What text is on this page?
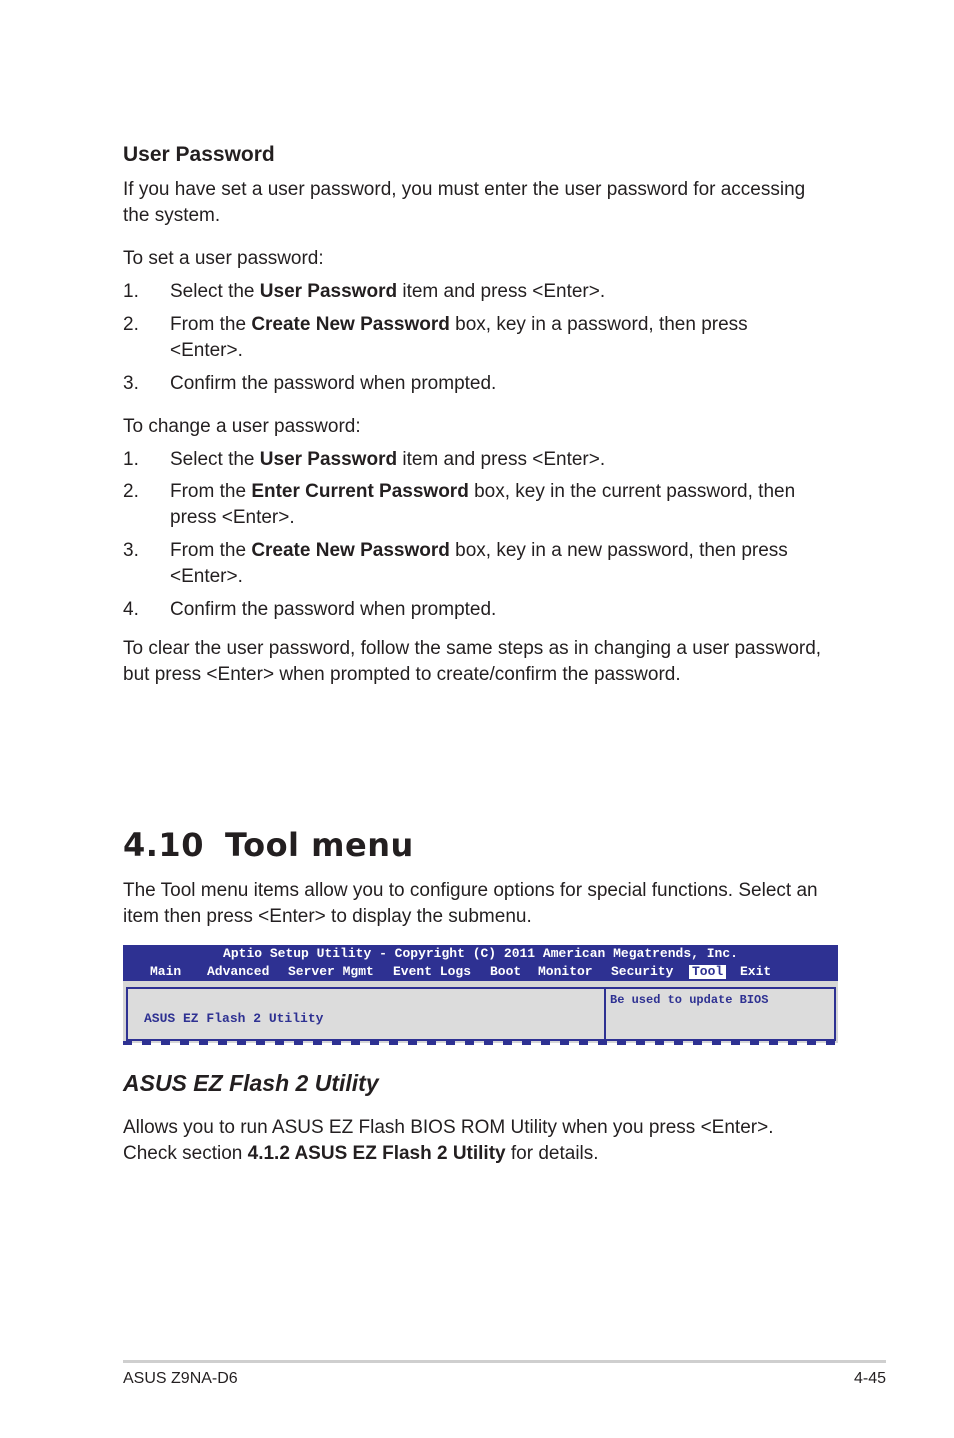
User Password
If you have set a user password, you must enter the user password for accessing
the system.
To set a user password:
1. Select the User Password item and press <Enter>.
2. From the Create New Password box, key in a password, then press
<Enter>.
3. Confirm the password when prompted.
To change a user password:
1. Select the User Password item and press <Enter>.
2. From the Enter Current Password box, key in the current password, then
press <Enter>.
3. From the Create New Password box, key in a new password, then press
<Enter>.
4. Confirm the password when prompted.
To clear the user password, follow the same steps as in changing a user password,
but press <Enter> when prompted to create/confirm the password.
4.10 Tool menu
The Tool menu items allow you to configure options for special functions. Select an
item then press <Enter> to display the submenu.
Aptio Setup Utility - Copyright (C) 2011 American Megatrends, Inc.
Main Advanced Server Mgmt Event Logs Boot Monitor Security Tool Exit
ASUS EZ Flash 2 Utility
Be used to update BIOS
ASUS EZ Flash 2 Utility
Allows you to run ASUS EZ Flash BIOS ROM Utility when you press <Enter>.
Check section 4.1.2 ASUS EZ Flash 2 Utility for details.
ASUS Z9NA-D6	4-45
